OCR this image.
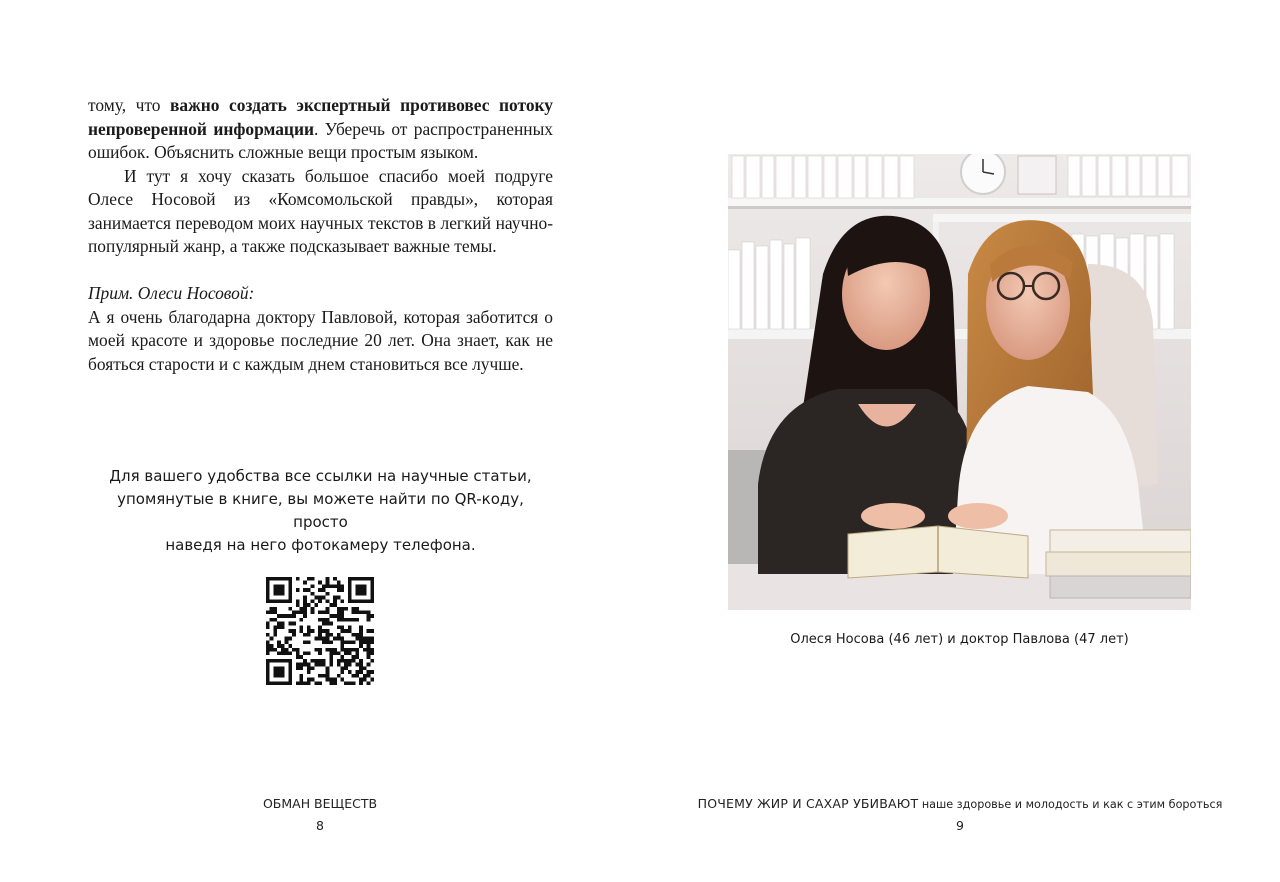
тому, что важно создать экспертный противовес потоку непроверенной информации. Уберечь от распространенных ошибок. Объяснить сложные вещи простым языком.

И тут я хочу сказать большое спасибо моей подруге Олесе Носовой из «Комсомольской правды», которая занимается переводом моих научных текстов в легкий научно-популярный жанр, а также подсказывает важные темы.

Прим. Олеси Носовой:

А я очень благодарна доктору Павловой, которая заботится о моей красоте и здоровье последние 20 лет. Она знает, как не бояться старости и с каждым днем становиться все лучше.

Для вашего удобства все ссылки на научные статьи,
упомянутые в книге, вы можете найти по QR-коду, просто
наведя на него фотокамеру телефона.
ОБМАН ВЕЩЕСТВ
8
Олеся Носова (46 лет) и доктор Павлова (47 лет)
ПОЧЕМУ ЖИР И САХАР УБИВАЮТ наше здоровье и молодость и как с этим бороться
9
